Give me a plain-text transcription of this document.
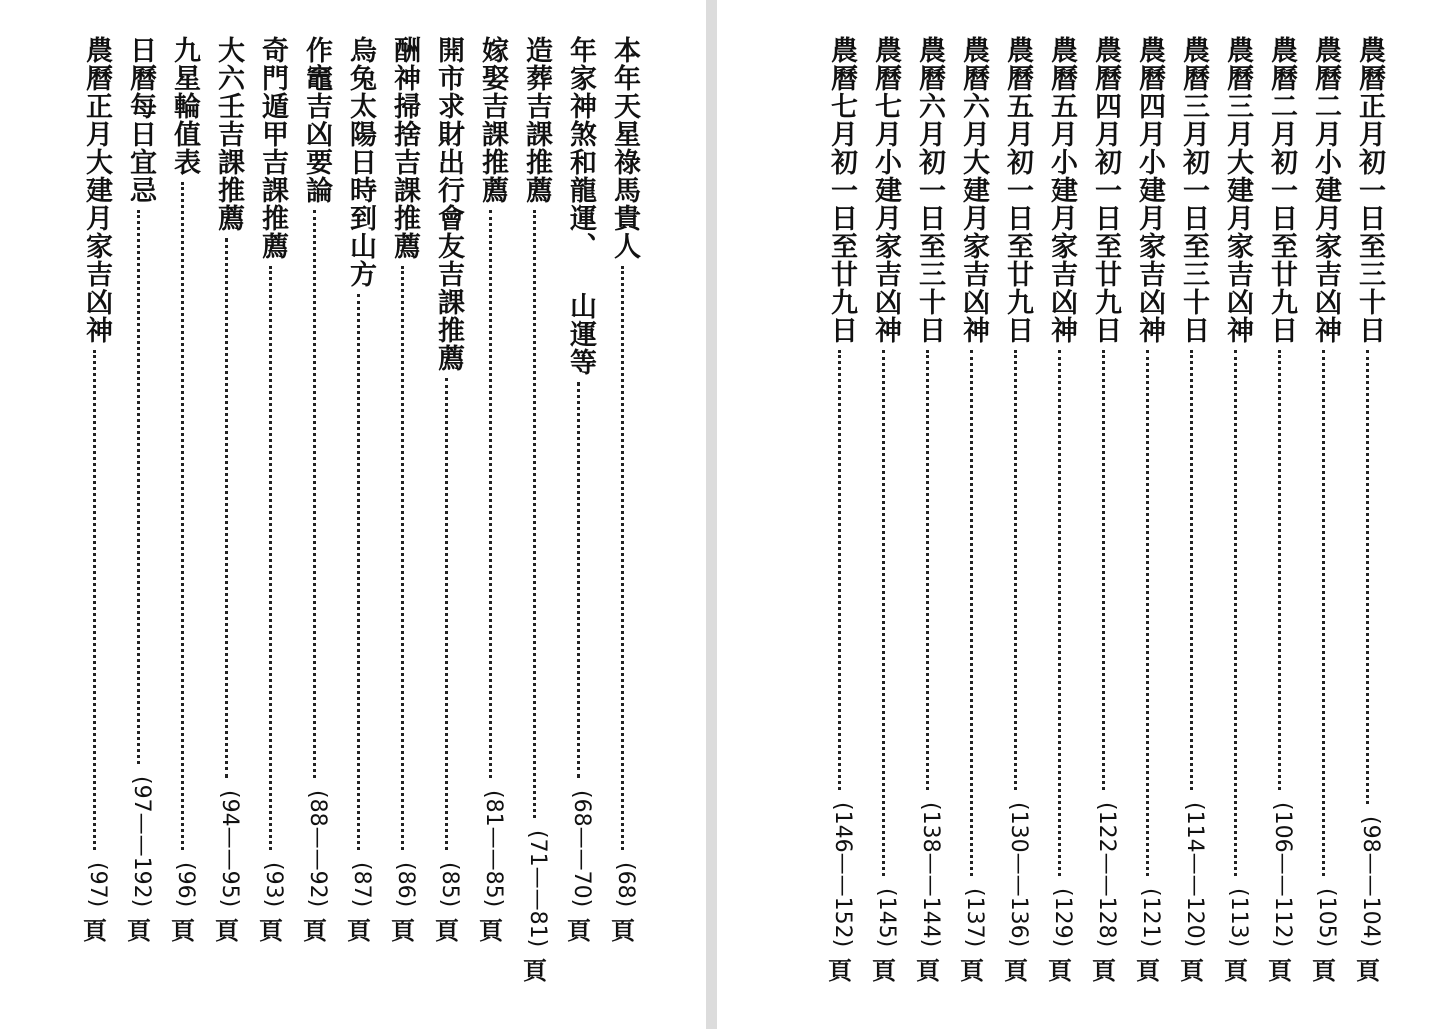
本年天星祿馬貴人
(68)
頁
年家神煞和龍運、 山運等
(68——70)
頁
造葬吉課推薦
(71——81)
頁
嫁娶吉課推薦
(81——85)
頁
開市求財出行會友吉課推薦
(85)
頁
酬神掃捨吉課推薦
(86)
頁
烏兔太陽日時到山方
(87)
頁
作竈吉凶要論
(88——92)
頁
奇門遁甲吉課推薦
(93)
頁
大六壬吉課推薦
(94——95)
頁
九星輪值表
(96)
頁
日曆每日宜忌
(97——192)
頁
農曆正月大建月家吉凶神
(97)
頁
農曆正月初一日至三十日
(98——104)
頁
農曆二月小建月家吉凶神
(105)
頁
農曆二月初一日至廿九日
(106——112)
頁
農曆三月大建月家吉凶神
(113)
頁
農曆三月初一日至三十日
(114——120)
頁
農曆四月小建月家吉凶神
(121)
頁
農曆四月初一日至廿九日
(122——128)
頁
農曆五月小建月家吉凶神
(129)
頁
農曆五月初一日至廿九日
(130——136)
頁
農曆六月大建月家吉凶神
(137)
頁
農曆六月初一日至三十日
(138——144)
頁
農曆七月小建月家吉凶神
(145)
頁
農曆七月初一日至廿九日
(146——152)
頁
